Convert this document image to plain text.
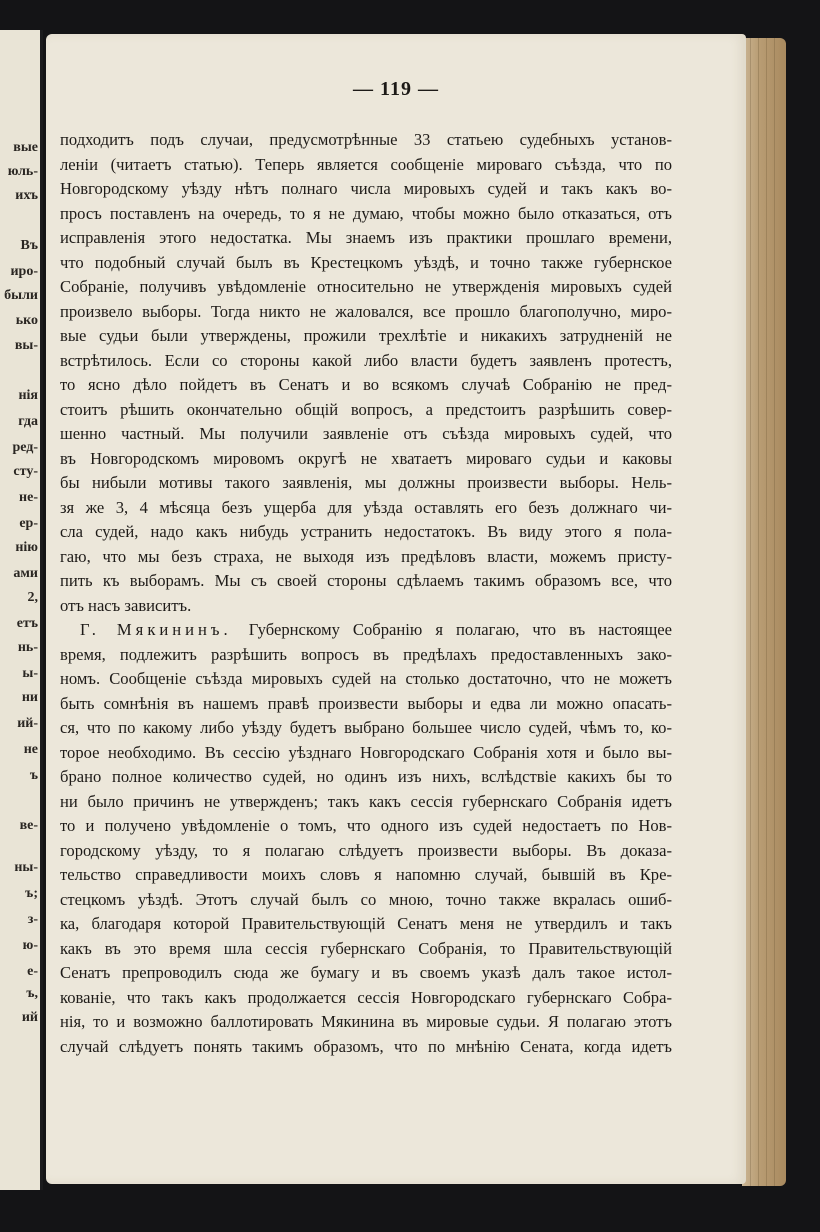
вые
юль-
ихъ
Въ
иро-
были
ько
вы-
нія
гда
ред-
сту-
не-
ер-
нію
ами
2,
етъ
нь-
ы-
ни
ий-
не
ъ
ве-
ны-
ъ;
з-
ю-
е-
ъ,
ий
— 119 —
подходитъ подъ случаи, предусмотрѣнные 33 статьею судебныхъ установ-
леніи (читаетъ статью). Теперь является сообщеніе мироваго съѣзда, что по
Новгородскому уѣзду нѣтъ полнаго числа мировыхъ судей и такъ какъ во-
просъ поставленъ на очередь, то я не думаю, чтобы можно было отказаться, отъ
исправленія этого недостатка. Мы знаемъ изъ практики прошлаго времени,
что подобный случай былъ въ Крестецкомъ уѣздѣ, и точно также губернское
Собраніе, получивъ увѣдомленіе относительно не утвержденія мировыхъ судей
произвело выборы. Тогда никто не жаловался, все прошло благополучно, миро-
вые судьи были утверждены, прожили трехлѣтіе и никакихъ затрудненій не
встрѣтилось. Если со стороны какой либо власти будетъ заявленъ протестъ,
то ясно дѣло пойдетъ въ Сенатъ и во всякомъ случаѣ Собранію не пред-
стоитъ рѣшить окончательно общій вопросъ, а предстоитъ разрѣшить совер-
шенно частный. Мы получили заявленіе отъ съѣзда мировыхъ судей, что
въ Новгородскомъ мировомъ округѣ не хватаетъ мироваго судьи и каковы
бы нибыли мотивы такого заявленія, мы должны произвести выборы. Нель-
зя же 3, 4 мѣсяца безъ ущерба для уѣзда оставлять его безъ должнаго чи-
сла судей, надо какъ нибудь устранить недостатокъ. Въ виду этого я пола-
гаю, что мы безъ страха, не выходя изъ предѣловъ власти, можемъ присту-
пить къ выборамъ. Мы съ своей стороны сдѣлаемъ такимъ образомъ все, что
отъ насъ зависитъ.
Г. Мякининъ. Губернскому Собранію я полагаю, что въ настоящее
время, подлежитъ разрѣшить вопросъ въ предѣлахъ предоставленныхъ зако-
номъ. Сообщеніе съѣзда мировыхъ судей на столько достаточно, что не можетъ
быть сомнѣнія въ нашемъ правѣ произвести выборы и едва ли можно опасать-
ся, что по какому либо уѣзду будетъ выбрано большее число судей, чѣмъ то, ко-
торое необходимо. Въ сессію уѣзднаго Новгородскаго Собранія хотя и было вы-
брано полное количество судей, но одинъ изъ нихъ, вслѣдствіе какихъ бы то
ни было причинъ не утвержденъ; такъ какъ сессія губернскаго Собранія идетъ
то и полученo увѣдомленіе о томъ, что одного изъ судей недостаетъ по Нов-
городскому уѣзду, то я полагаю слѣдуетъ произвести выборы. Въ доказа-
тельство справедливости моихъ словъ я напомню случай, бывшій въ Кре-
стецкомъ уѣздѣ. Этотъ случай былъ со мною, точно также вкралась ошиб-
ка, благодаря которой Правительствующій Сенатъ меня не утвердилъ и такъ
какъ въ это время шла сессія губернскаго Собранія, то Правительствующій
Сенатъ препроводилъ сюда же бумагу и въ своемъ указѣ далъ такое истол-
кованіе, что такъ какъ продолжается сессія Новгородскаго губернскаго Собра-
нія, то и возможно баллотировать Мякинина въ мировые судьи. Я полагаю этотъ
случай слѣдуетъ понять такимъ образомъ, что по мнѣнію Сената, когда идетъ
